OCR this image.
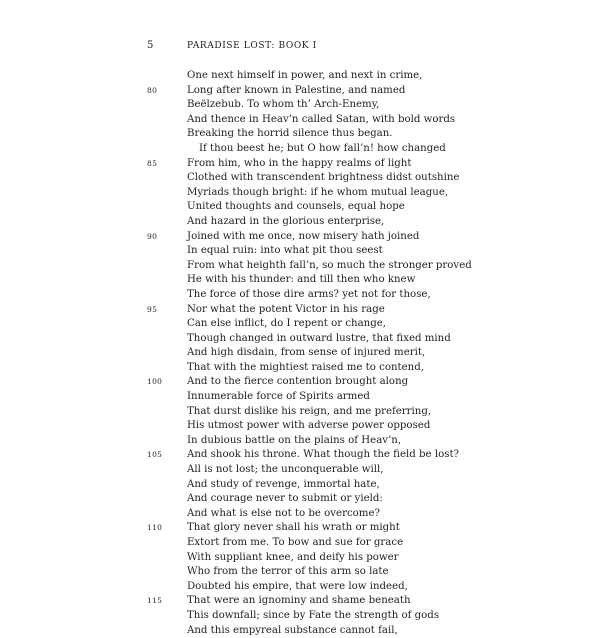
5	PARADISE LOST: BOOK I
One next himself in power, and next in crime,
80	Long after known in Palestine, and named
Beëlzebub. To whom th’ Arch-Enemy,
And thence in Heav’n called Satan, with bold words
Breaking the horrid silence thus began.
If thou beest he; but O how fall’n! how changed
85	From him, who in the happy realms of light
Clothed with transcendent brightness didst outshine
Myriads though bright: if he whom mutual league,
United thoughts and counsels, equal hope
And hazard in the glorious enterprise,
90	Joined with me once, now misery hath joined
In equal ruin: into what pit thou seest
From what heighth fall’n, so much the stronger proved
He with his thunder: and till then who knew
The force of those dire arms? yet not for those,
95	Nor what the potent Victor in his rage
Can else inflict, do I repent or change,
Though changed in outward lustre, that fixed mind
And high disdain, from sense of injured merit,
That with the mightiest raised me to contend,
100	And to the fierce contention brought along
Innumerable force of Spirits armed
That durst dislike his reign, and me preferring,
His utmost power with adverse power opposed
In dubious battle on the plains of Heav’n,
105	And shook his throne. What though the field be lost?
All is not lost; the unconquerable will,
And study of revenge, immortal hate,
And courage never to submit or yield:
And what is else not to be overcome?
110	That glory never shall his wrath or might
Extort from me. To bow and sue for grace
With suppliant knee, and deify his power
Who from the terror of this arm so late
Doubted his empire, that were low indeed,
115	That were an ignominy and shame beneath
This downfall; since by Fate the strength of gods
And this empyreal substance cannot fail,
